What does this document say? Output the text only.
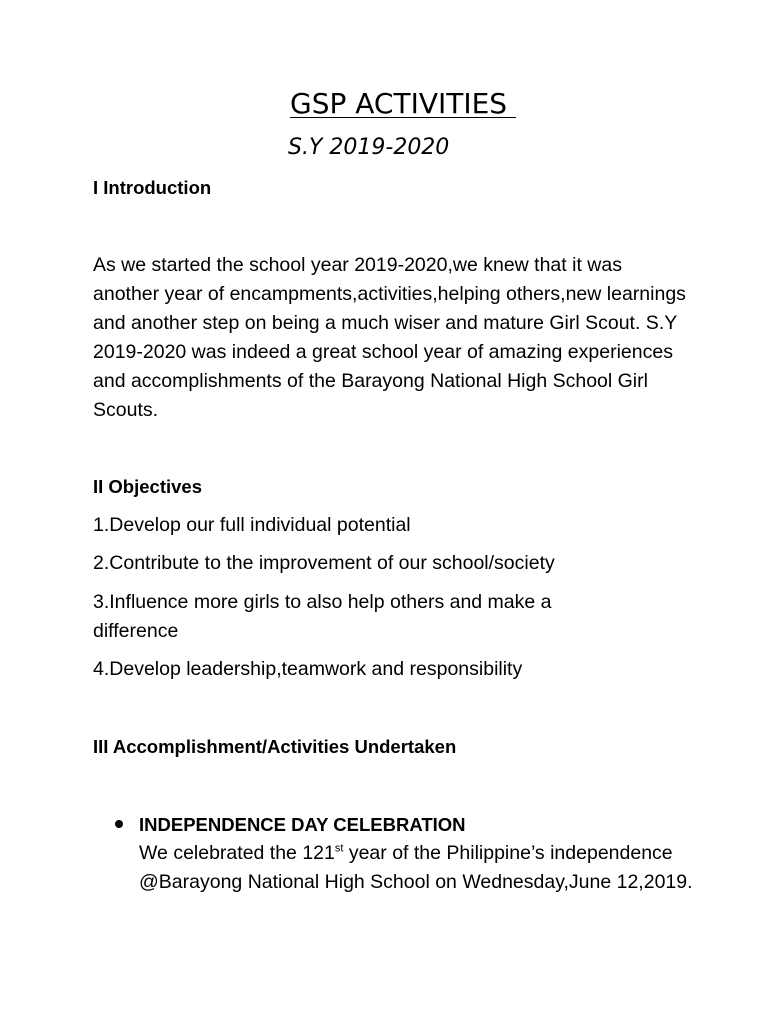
GSP ACTIVITIES
S.Y 2019-2020
I Introduction
As we started the school year 2019-2020,we knew that it was another year of encampments,activities,helping others,new learnings and another step on being a much wiser and mature Girl Scout. S.Y 2019-2020 was indeed a great school year of amazing experiences and accomplishments of the Barayong National High School Girl Scouts.
II Objectives
1.Develop our full individual potential
2.Contribute to the improvement of our school/society
3.Influence more girls to also help others and make a difference
4.Develop leadership,teamwork and responsibility
III Accomplishment/Activities Undertaken
INDEPENDENCE DAY CELEBRATION
We celebrated the 121st year of the Philippine’s independence @Barayong National High School on Wednesday,June 12,2019.
